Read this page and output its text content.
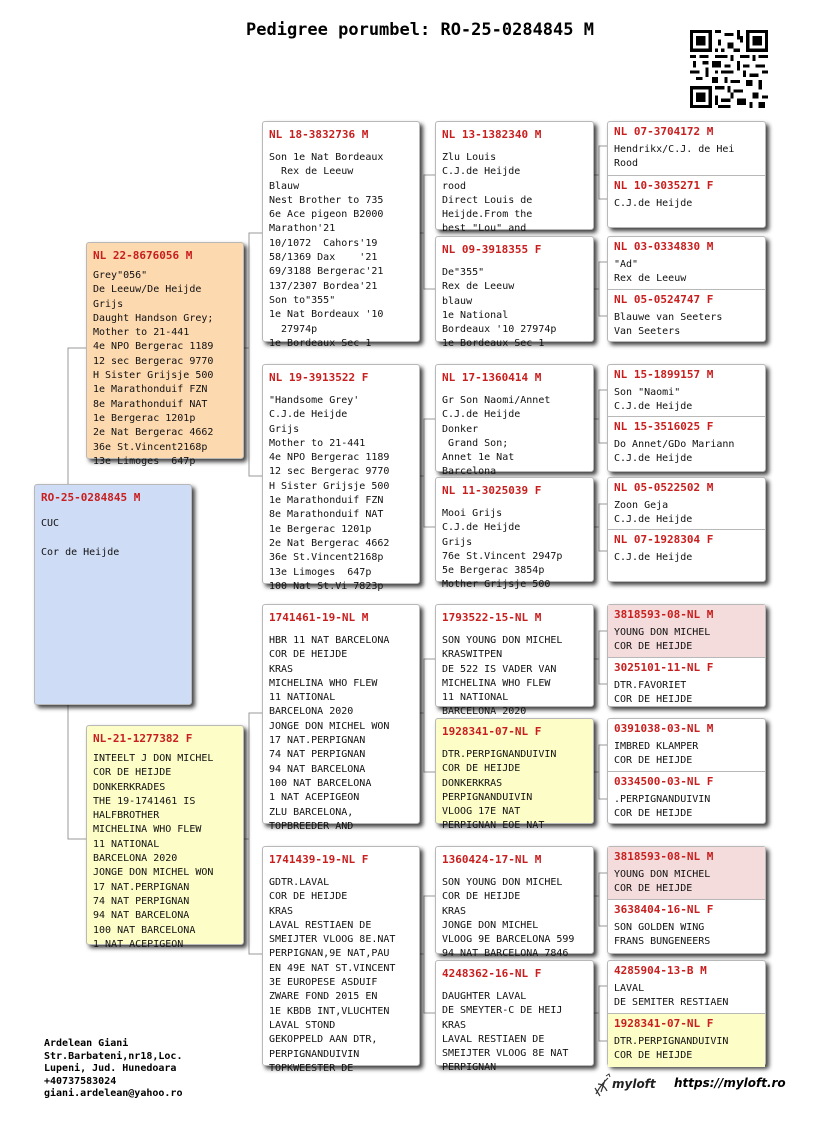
Pedigree porumbel: RO-25-0284845 M
RO-25-0284845 M
CUC

Cor de Heijde
NL 22-8676056 M
Grey"056"
De Leeuw/De Heijde
Grijs
Daught Handson Grey;
Mother to 21-441
4e NPO Bergerac 1189
12 sec Bergerac 9770
H Sister Grijsje 500
1e Marathonduif FZN
8e Marathonduif NAT
1e Bergerac 1201p
2e Nat Bergerac 4662
36e St.Vincent2168p
13e Limoges  647p
NL-21-1277382 F
INTEELT J DON MICHEL
COR DE HEIJDE
DONKERKRADES
THE 19-1741461 IS
HALFBROTHER
MICHELINA WHO FLEW
11 NATIONAL
BARCELONA 2020
JONGE DON MICHEL WON
17 NAT.PERPIGNAN
74 NAT PERPIGNAN
94 NAT BARCELONA
100 NAT BARCELONA
1 NAT ACEPIGEON
NL 18-3832736 M
Son 1e Nat Bordeaux
Rex de Leeuw
Blauw
Nest Brother to 735
6e Ace pigeon B2000
Marathon'21
10/1072  Cahors'19
58/1369 Dax    '21
69/3188 Bergerac'21
137/2307 Bordea'21
Son to"355"
1e Nat Bordeaux '10
27974p
1e Bordeaux Sec 1
NL 19-3913522 F
"Handsome Grey'
C.J.de Heijde
Grijs
Mother to 21-441
4e NPO Bergerac 1189
12 sec Bergerac 9770
H Sister Grijsje 500
1e Marathonduif FZN
8e Marathonduif NAT
1e Bergerac 1201p
2e Nat Bergerac 4662
36e St.Vincent2168p
13e Limoges  647p
100 Nat St.Vi 7823p
1741461-19-NL M
HBR 11 NAT BARCELONA
COR DE HEIJDE
KRAS
MICHELINA WHO FLEW
11 NATIONAL
BARCELONA 2020
JONGE DON MICHEL WON
17 NAT.PERPIGNAN
74 NAT PERPIGNAN
94 NAT BARCELONA
100 NAT BARCELONA
1 NAT ACEPIGEON
ZLU BARCELONA,
TOPBREEDER AND
1741439-19-NL F
GDTR.LAVAL
COR DE HEIJDE
KRAS
LAVAL RESTIAEN DE
SMEIJTER VLOOG 8E.NAT
PERPIGNAN,9E NAT,PAU
EN 49E NAT ST.VINCENT
3E EUROPESE ASDUIF
ZWARE FOND 2015 EN
1E KBDB INT,VLUCHTEN
LAVAL STOND
GEKOPPELD AAN DTR,
PERPIGNANDUIVIN
TOPKWEESTER DE
NL 13-1382340 M
Zlu Louis
C.J.de Heijde
rood
Direct Louis de
Heijde.From the
best "Lou" and
NL 09-3918355 F
De"355"
Rex de Leeuw
blauw
1e National
Bordeaux '10 27974p
1e Bordeaux Sec 1
NL 17-1360414 M
Gr Son Naomi/Annet
C.J.de Heijde
Donker
Grand Son;
Annet 1e Nat
Barcelona
NL 11-3025039 F
Mooi Grijs
C.J.de Heijde
Grijs
76e St.Vincent 2947p
5e Bergerac 3854p
Mother Grijsje 500
1793522-15-NL M
SON YOUNG DON MICHEL
KRASWITPEN
DE 522 IS VADER VAN
MICHELINA WHO FLEW
11 NATIONAL
BARCELONA 2020
1928341-07-NL F
DTR.PERPIGNANDUIVIN
COR DE HEIJDE
DONKERKRAS
PERPIGNANDUIVIN
VLOOG 17E NAT
PERPIGNAN EOE NAT
1360424-17-NL M
SON YOUNG DON MICHEL
COR DE HEIJDE
KRAS
JONGE DON MICHEL
VLOOG 9E BARCELONA 599
94 NAT BARCELONA 7846
4248362-16-NL F
DAUGHTER LAVAL
DE SMEYTER-C DE HEIJ
KRAS
LAVAL RESTIAEN DE
SMEIJTER VLOOG 8E NAT
PERPIGNAN
NL 07-3704172 M
Hendrikx/C.J. de Hei
Rood
NL 10-3035271 F
C.J.de Heijde
NL 03-0334830 M
"Ad"
Rex de Leeuw
NL 05-0524747 F
Blauwe van Seeters
Van Seeters
NL 15-1899157 M
Son "Naomi"
C.J.de Heijde
NL 15-3516025 F
Do Annet/GDo Mariann
C.J.de Heijde
NL 05-0522502 M
Zoon Geja
C.J.de Heijde
NL 07-1928304 F
C.J.de Heijde
3818593-08-NL M
YOUNG DON MICHEL
COR DE HEIJDE
3025101-11-NL F
DTR.FAVORIET
COR DE HEIJDE
0391038-03-NL M
IMBRED KLAMPER
COR DE HEIJDE
0334500-03-NL F
.PERPIGNANDUIVIN
COR DE HEIJDE
3818593-08-NL M
YOUNG DON MICHEL
COR DE HEIJDE
3638404-16-NL F
SON GOLDEN WING
FRANS BUNGENEERS
4285904-13-B M
LAVAL
DE SEMITER RESTIAEN
1928341-07-NL F
DTR.PERPIGNANDUIVIN
COR DE HEIJDE
Ardelean Giani
Str.Barbateni,nr18,Loc.
Lupeni, Jud. Hunedoara
+40737583024
giani.ardelean@yahoo.ro
myloft https://myloft.ro
